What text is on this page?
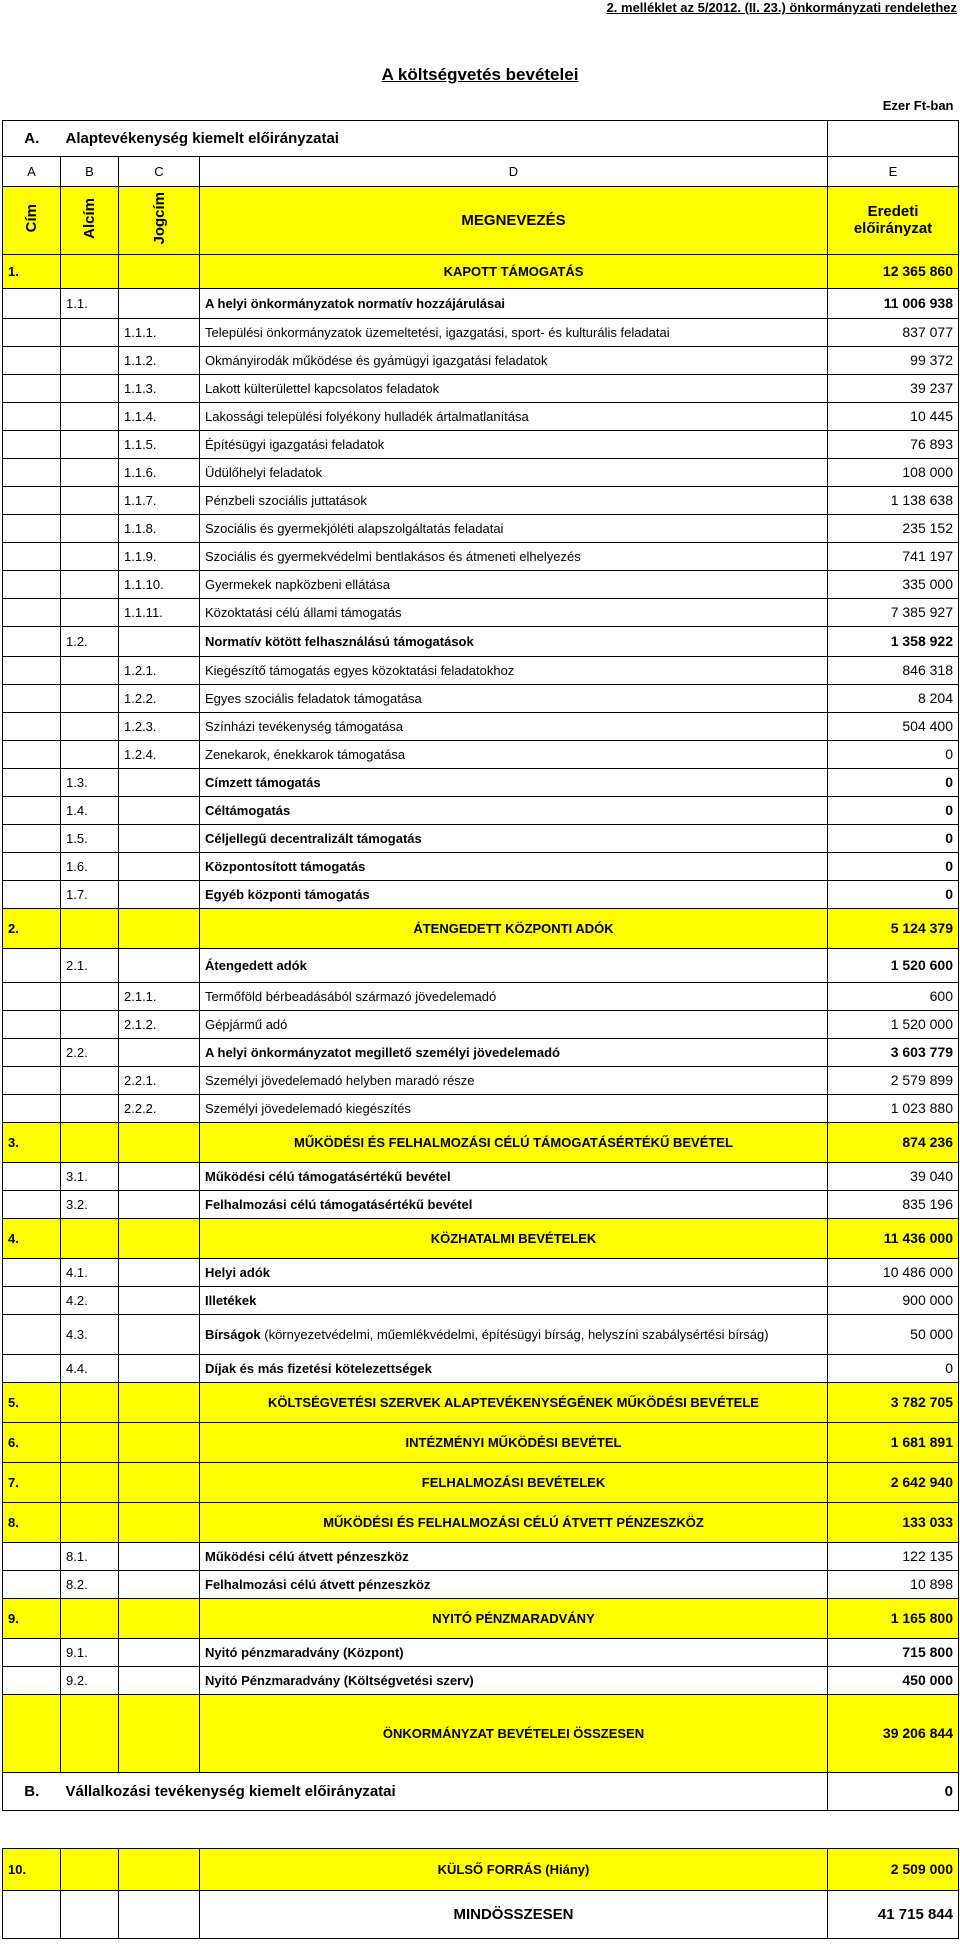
2. melléklet az 5/2012. (II. 23.) önkormányzati rendelethez
A költségvetés bevételei
				Ezer Ft-ban
A.	Alaptevékenység kiemelt előirányzatai			
A	B	C	D	E
Cím	Alcím	Jogcím	MEGNEVEZÉS	Eredeti előirányzat
1.			KAPOTT TÁMOGATÁS	12 365 860
	1.1.		A helyi önkormányzatok normatív hozzájárulásai	11 006 938
		1.1.1.	Települési önkormányzatok üzemeltetési, igazgatási, sport- és kulturális feladatai	837 077
		1.1.2.	Okmányirodák működése és gyámügyi igazgatási feladatok	99 372
		1.1.3.	Lakott külterülettel kapcsolatos feladatok	39 237
		1.1.4.	Lakossági települési folyékony hulladék ártalmatlanítása	10 445
		1.1.5.	Építésügyi igazgatási feladatok	76 893
		1.1.6.	Üdülőhelyi feladatok	108 000
		1.1.7.	Pénzbeli szociális juttatások	1 138 638
		1.1.8.	Szociális és gyermekjóléti alapszolgáltatás feladatai	235 152
		1.1.9.	Szociális és gyermekvédelmi bentlakásos és átmeneti elhelyezés	741 197
		1.1.10.	Gyermekek napközbeni ellátása	335 000
		1.1.11.	Közoktatási célú állami támogatás	7 385 927
	1.2.		Normatív kötött felhasználású támogatások	1 358 922
		1.2.1.	Kiegészítő támogatás egyes közoktatási feladatokhoz	846 318
		1.2.2.	Egyes szociális feladatok támogatása	8 204
		1.2.3.	Színházi tevékenység támogatása	504 400
		1.2.4.	Zenekarok, énekkarok támogatása	0
	1.3.		Címzett támogatás	0
	1.4.		Céltámogatás	0
	1.5.		Céljellegű decentralizált támogatás	0
	1.6.		Központosított támogatás	0
	1.7.		Egyéb központi támogatás	0
2.			ÁTENGEDETT KÖZPONTI ADÓK	5 124 379
	2.1.		Átengedett adók	1 520 600
		2.1.1.	Termőföld bérbeadásából származó jövedelemadó	600
		2.1.2.	Gépjármű adó	1 520 000
	2.2.		A helyi önkormányzatot megillető személyi jövedelemadó	3 603 779
		2.2.1.	Személyi jövedelemadó helyben maradó része	2 579 899
		2.2.2.	Személyi jövedelemadó kiegészítés	1 023 880
3.			MŰKÖDÉSI ÉS FELHALMOZÁSI CÉLÚ TÁMOGATÁSÉRTÉKŰ BEVÉTEL	874 236
	3.1.		Működési célú támogatásértékű bevétel	39 040
	3.2.		Felhalmozási célú támogatásértékű bevétel	835 196
4.			KÖZHATALMI BEVÉTELEK	11 436 000
	4.1.		Helyi adók	10 486 000
	4.2.		Illetékek	900 000
	4.3.		Bírságok (környezetvédelmi, műemlékvédelmi, építésügyi bírság, helyszíni szabálysértési bírság)	50 000
	4.4.		Díjak és más fizetési kötelezettségek	0
5.			KÖLTSÉGVETÉSI SZERVEK ALAPTEVÉKENYSÉGÉNEK MŰKÖDÉSI BEVÉTELE	3 782 705
6.			INTÉZMÉNYI MŰKÖDÉSI BEVÉTEL	1 681 891
7.			FELHALMOZÁSI BEVÉTELEK	2 642 940
8.			MŰKÖDÉSI ÉS FELHALMOZÁSI CÉLÚ ÁTVETT PÉNZESZKÖZ	133 033
	8.1.		Működési célú átvett pénzeszköz	122 135
	8.2.		Felhalmozási célú átvett pénzeszköz	10 898
9.			NYITÓ PÉNZMARADVÁNY	1 165 800
	9.1.		Nyitó pénzmaradvány (Központ)	715 800
	9.2.		Nyitó Pénzmaradvány (Költségvetési szerv)	450 000
			ÖNKORMÁNYZAT BEVÉTELEI ÖSSZESEN	39 206 844
B.	Vállalkozási tevékenység kiemelt előirányzatai			0

10.			KÜLSŐ FORRÁS (Hiány)	2 509 000
			MINDÖSSZESEN	41 715 844
